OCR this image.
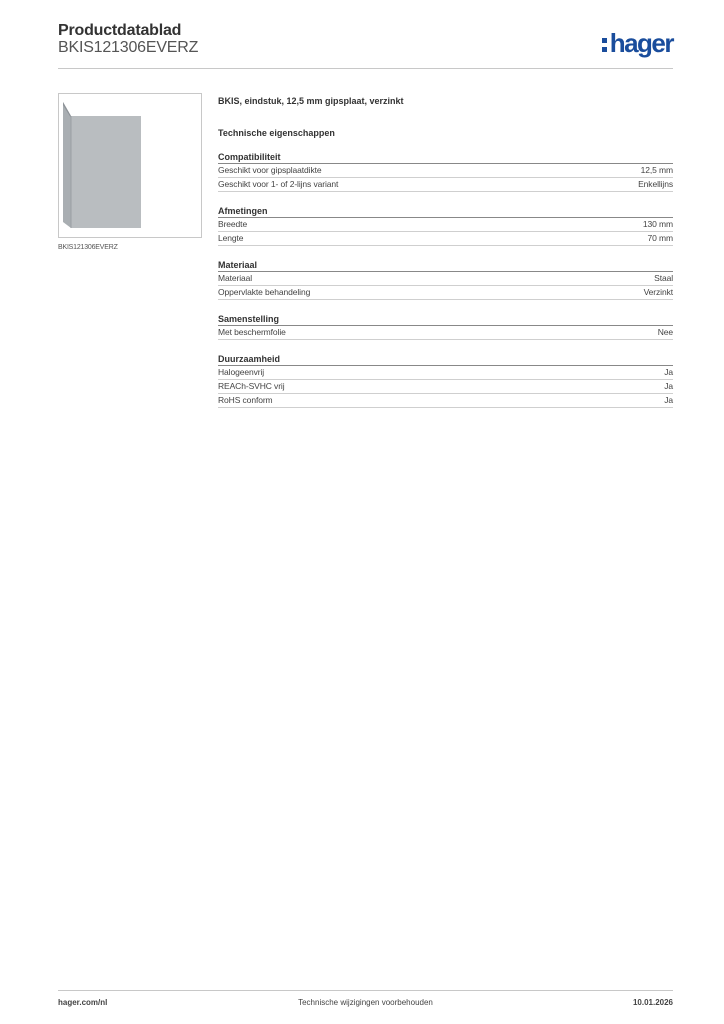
Productdatablad
BKIS121306EVERZ	hager
BKIS121306EVERZ
BKIS, eindstuk, 12,5 mm gipsplaat, verzinkt
Technische eigenschappen
Compatibiliteit
Geschikt voor gipsplaatdikte	12,5 mm
Geschikt voor 1- of 2-lijns variant	Enkellijns
Afmetingen
Breedte	130 mm
Lengte	70 mm
Materiaal
Materiaal	Staal
Oppervlakte behandeling	Verzinkt
Samenstelling
Met beschermfolie	Nee
Duurzaamheid
Halogeenvrij	Ja
REACh-SVHC vrij	Ja
RoHS conform	Ja
hager.com/nl	Technische wijzigingen voorbehouden	10.01.2026
